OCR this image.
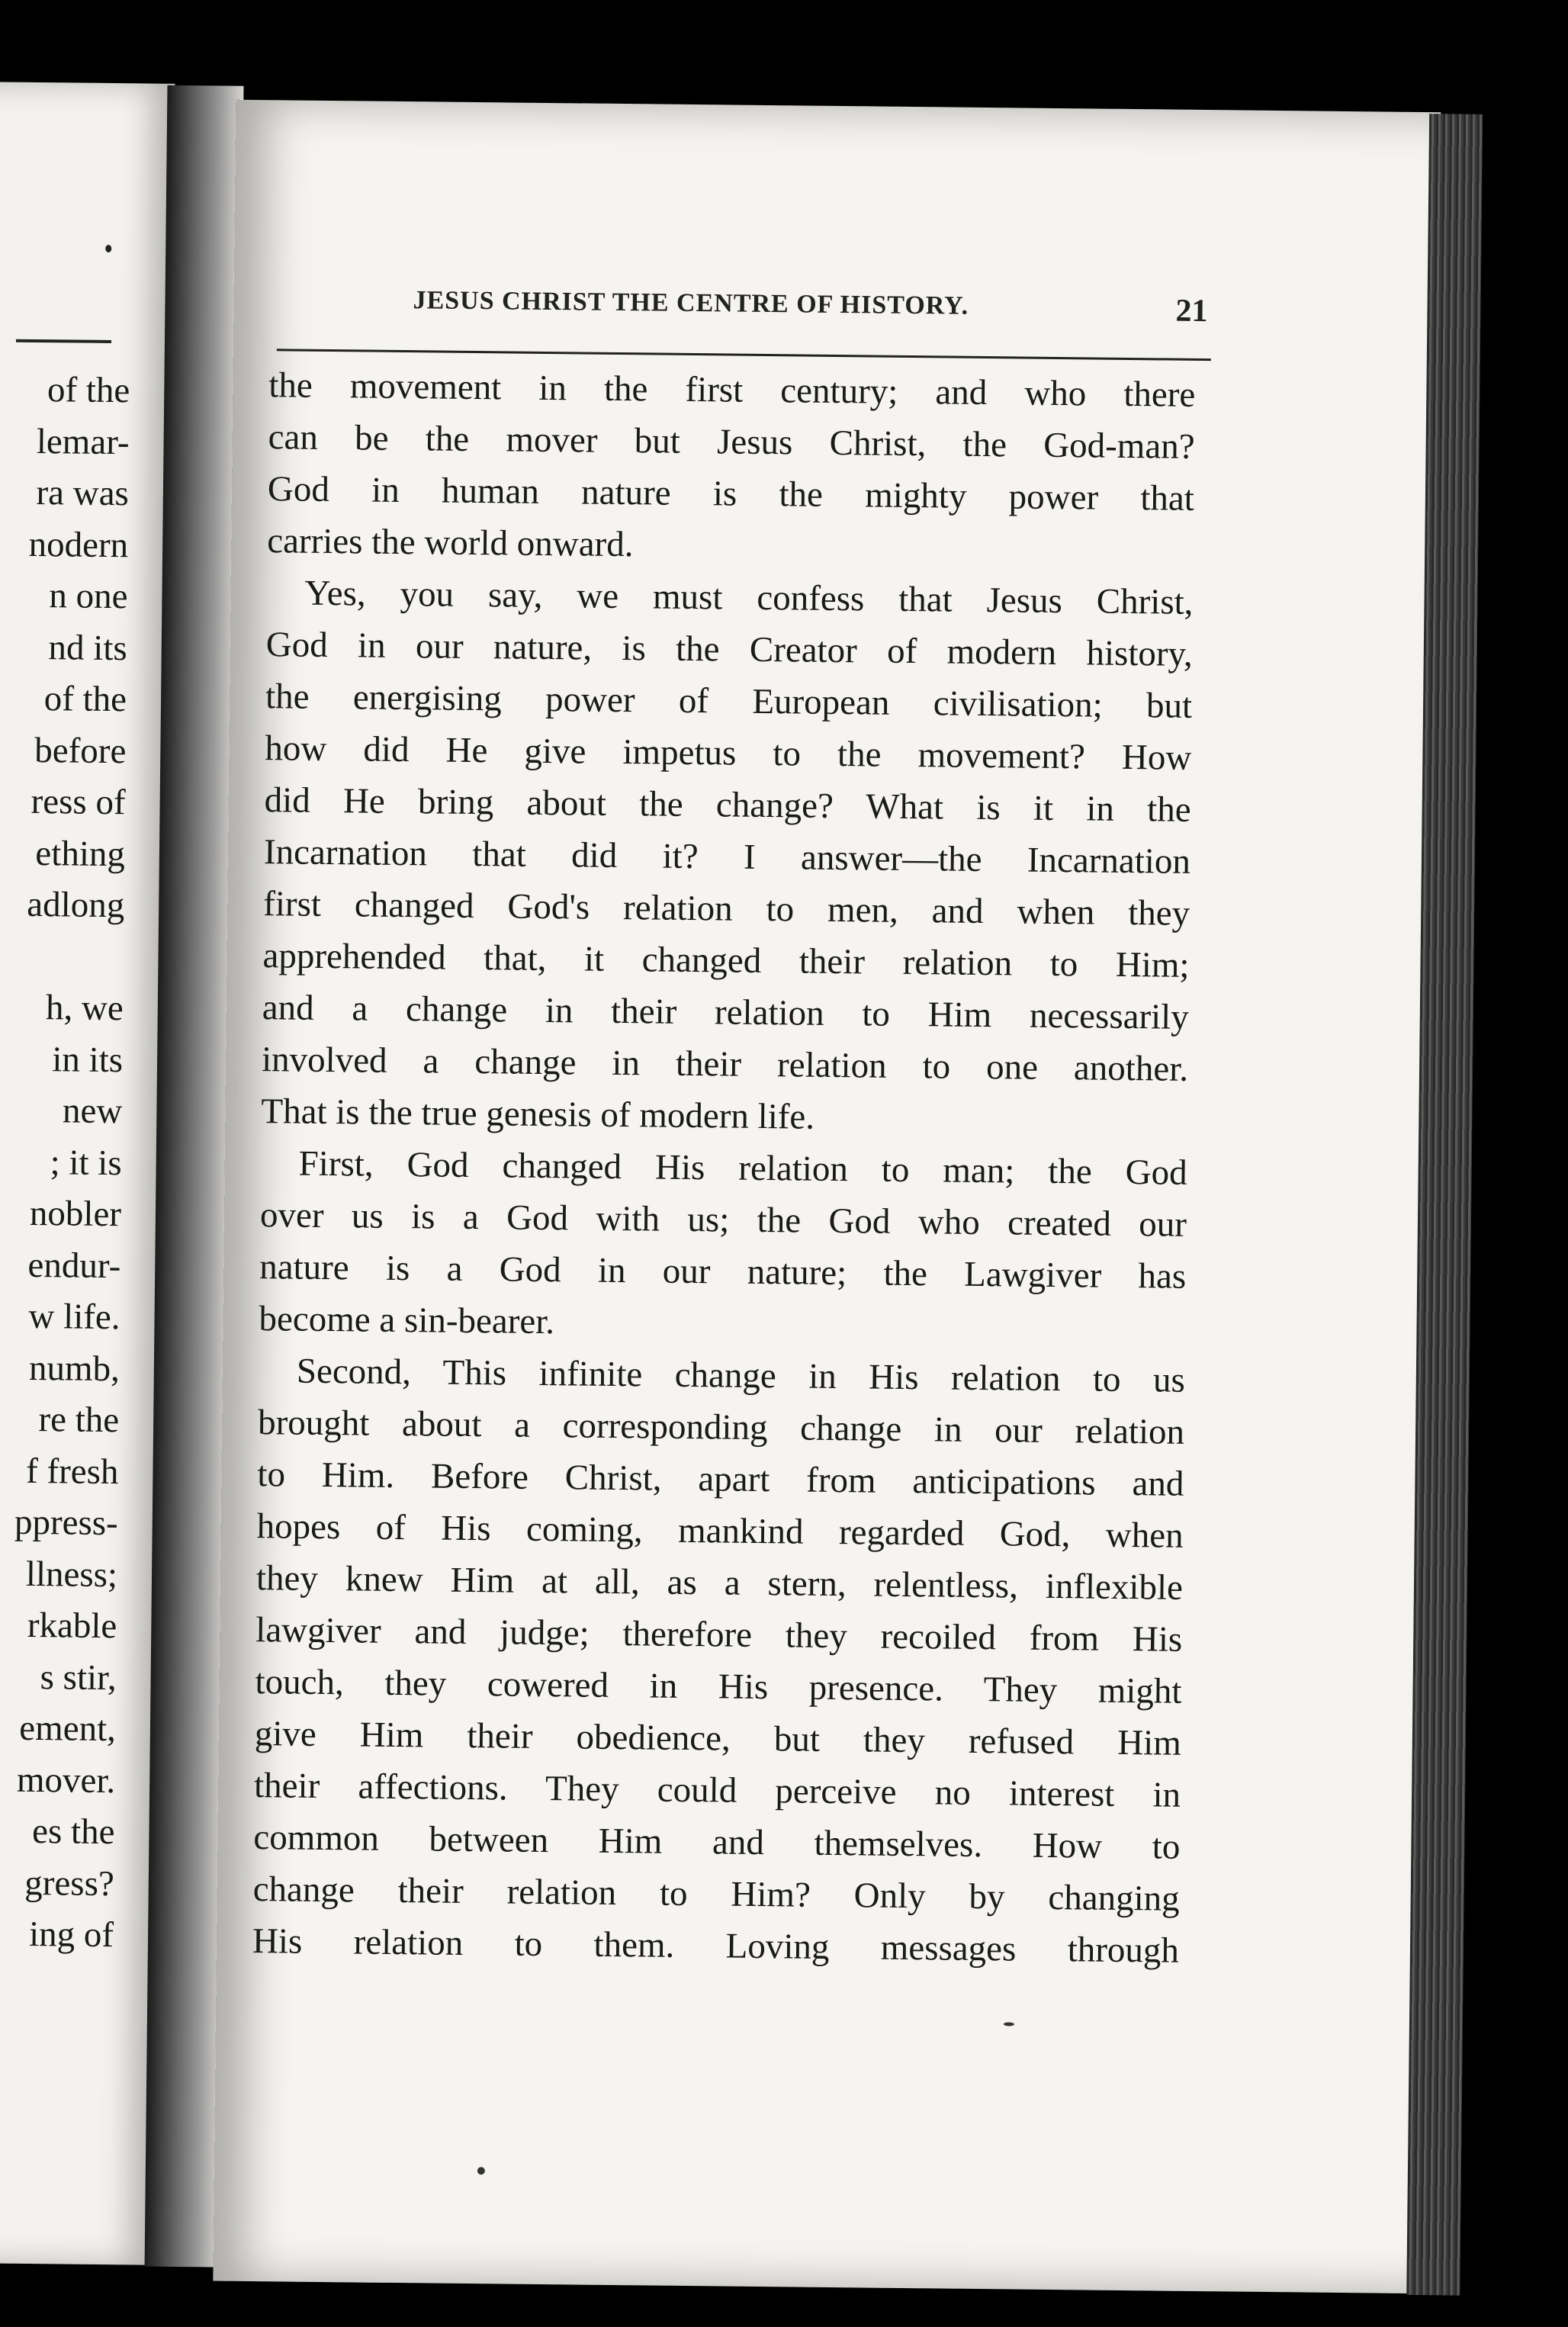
of the
lemar-
ra was
nodern
n one
nd its
of the
before
ress of
ething
adlong
h, we
in its
new
; it is
nobler
endur-
w life.
numb,
re the
f fresh
ppress-
llness;
rkable
s stir,
ement,
mover.
es the
gress?
ing of
JESUS CHRIST THE CENTRE OF HISTORY.	21
the movement in the first century; and who there
can be the mover but Jesus Christ, the God-man?
God in human nature is the mighty power that
carries the world onward.
Yes, you say, we must confess that Jesus Christ,
God in our nature, is the Creator of modern history,
the energising power of European civilisation; but
how did He give impetus to the movement? How
did He bring about the change? What is it in the
Incarnation that did it? I answer—the Incarnation
first changed God's relation to men, and when they
apprehended that, it changed their relation to Him;
and a change in their relation to Him necessarily
involved a change in their relation to one another.
That is the true genesis of modern life.
First, God changed His relation to man; the God
over us is a God with us; the God who created our
nature is a God in our nature; the Lawgiver has
become a sin-bearer.
Second, This infinite change in His relation to us
brought about a corresponding change in our relation
to Him. Before Christ, apart from anticipations and
hopes of His coming, mankind regarded God, when
they knew Him at all, as a stern, relentless, inflexible
lawgiver and judge; therefore they recoiled from His
touch, they cowered in His presence. They might
give Him their obedience, but they refused Him
their affections. They could perceive no interest in
common between Him and themselves. How to
change their relation to Him? Only by changing
His relation to them. Loving messages through
